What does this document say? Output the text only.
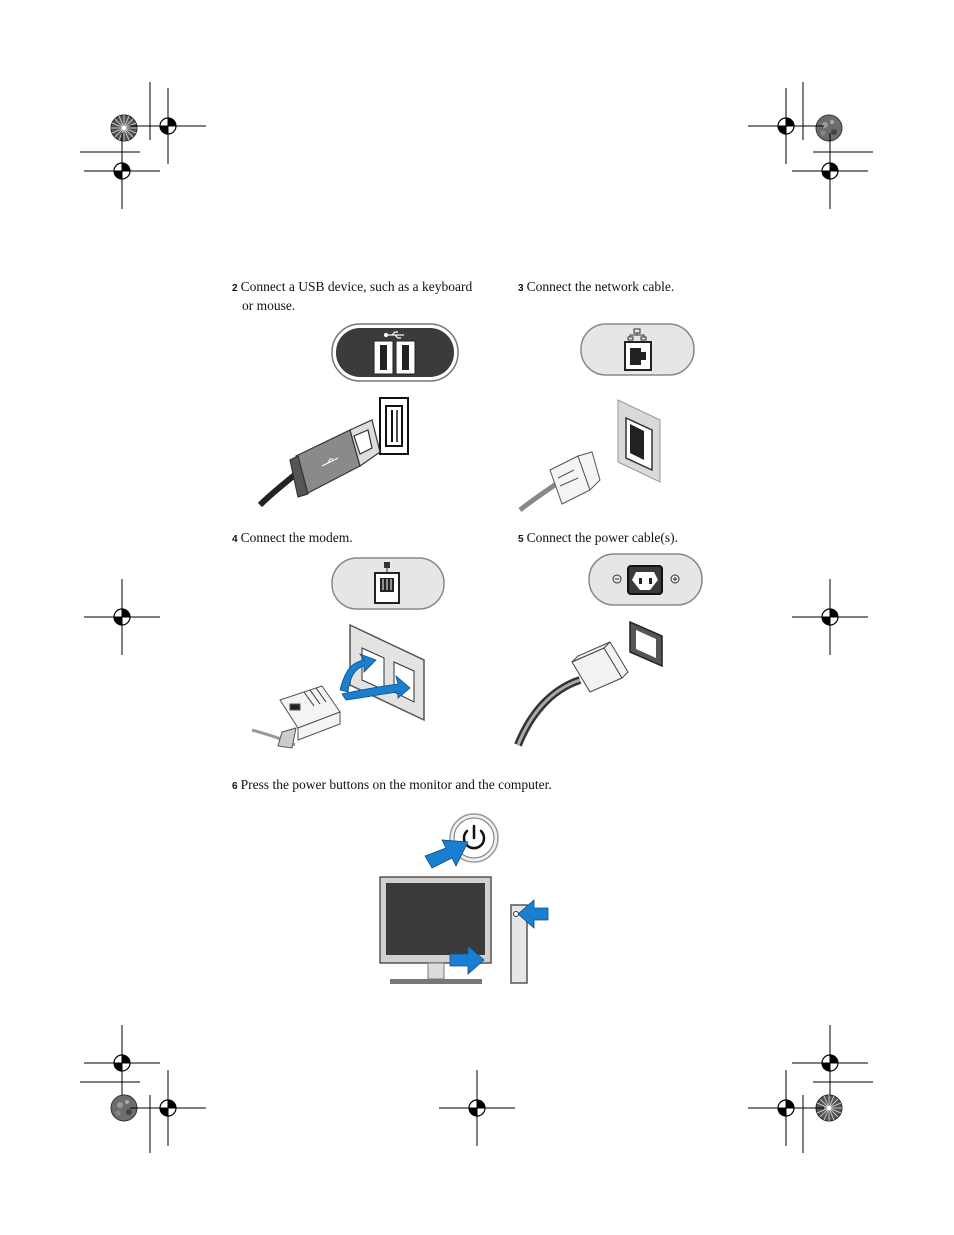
2 Connect a USB device, such as a keyboard
or mouse.
3 Connect the network cable.
4 Connect the modem.	5 Connect the power cable(s).
6 Press the power buttons on the monitor and the computer.
